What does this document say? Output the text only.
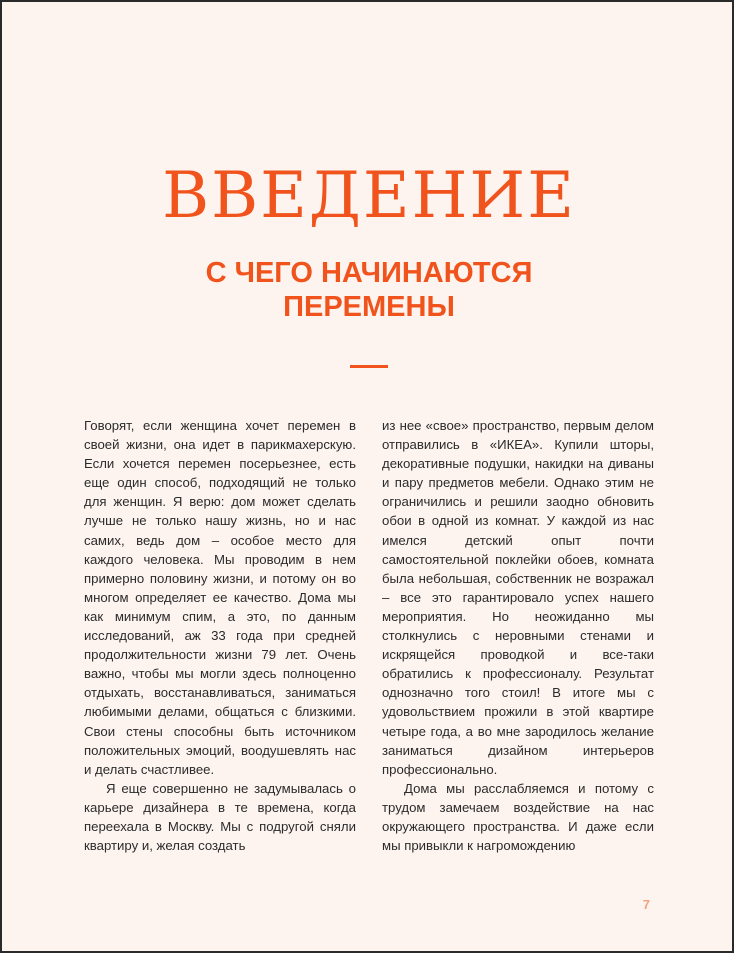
ВВЕДЕНИЕ
С ЧЕГО НАЧИНАЮТСЯ
ПЕРЕМЕНЫ

Говорят, если женщина хочет перемен в своей жизни, она идет в парикмахерскую. Если хочется перемен посерьезнее, есть еще один способ, подходящий не только для женщин. Я верю: дом может сделать лучше не только нашу жизнь, но и нас самих, ведь дом – особое место для каждого человека. Мы проводим в нем примерно половину жизни, и потому он во многом определяет ее качество. Дома мы как минимум спим, а это, по данным исследований, аж 33 года при средней продолжительности жизни 79 лет. Очень важно, чтобы мы могли здесь полноценно отдыхать, восстанавливаться, заниматься любимыми делами, общаться с близкими. Свои стены способны быть источником положительных эмоций, воодушевлять нас и делать счастливее.

Я еще совершенно не задумывалась о карьере дизайнера в те времена, когда переехала в Москву. Мы с подругой сняли квартиру и, желая создать

из нее «свое» пространство, первым делом отправились в «ИКЕА». Купили шторы, декоративные подушки, накидки на диваны и пару предметов мебели. Однако этим не ограничились и решили заодно обновить обои в одной из комнат. У каждой из нас имелся детский опыт почти самостоятельной поклейки обоев, комната была небольшая, собственник не возражал – все это гарантировало успех нашего мероприятия. Но неожиданно мы столкнулись с неровными стенами и искрящейся проводкой и все-таки обратились к профессионалу. Результат однозначно того стоил! В итоге мы с удовольствием прожили в этой квартире четыре года, а во мне зародилось желание заниматься дизайном интерьеров профессионально.

Дома мы расслабляемся и потому с трудом замечаем воздействие на нас окружающего пространства. И даже если мы привыкли к нагромождению

7
